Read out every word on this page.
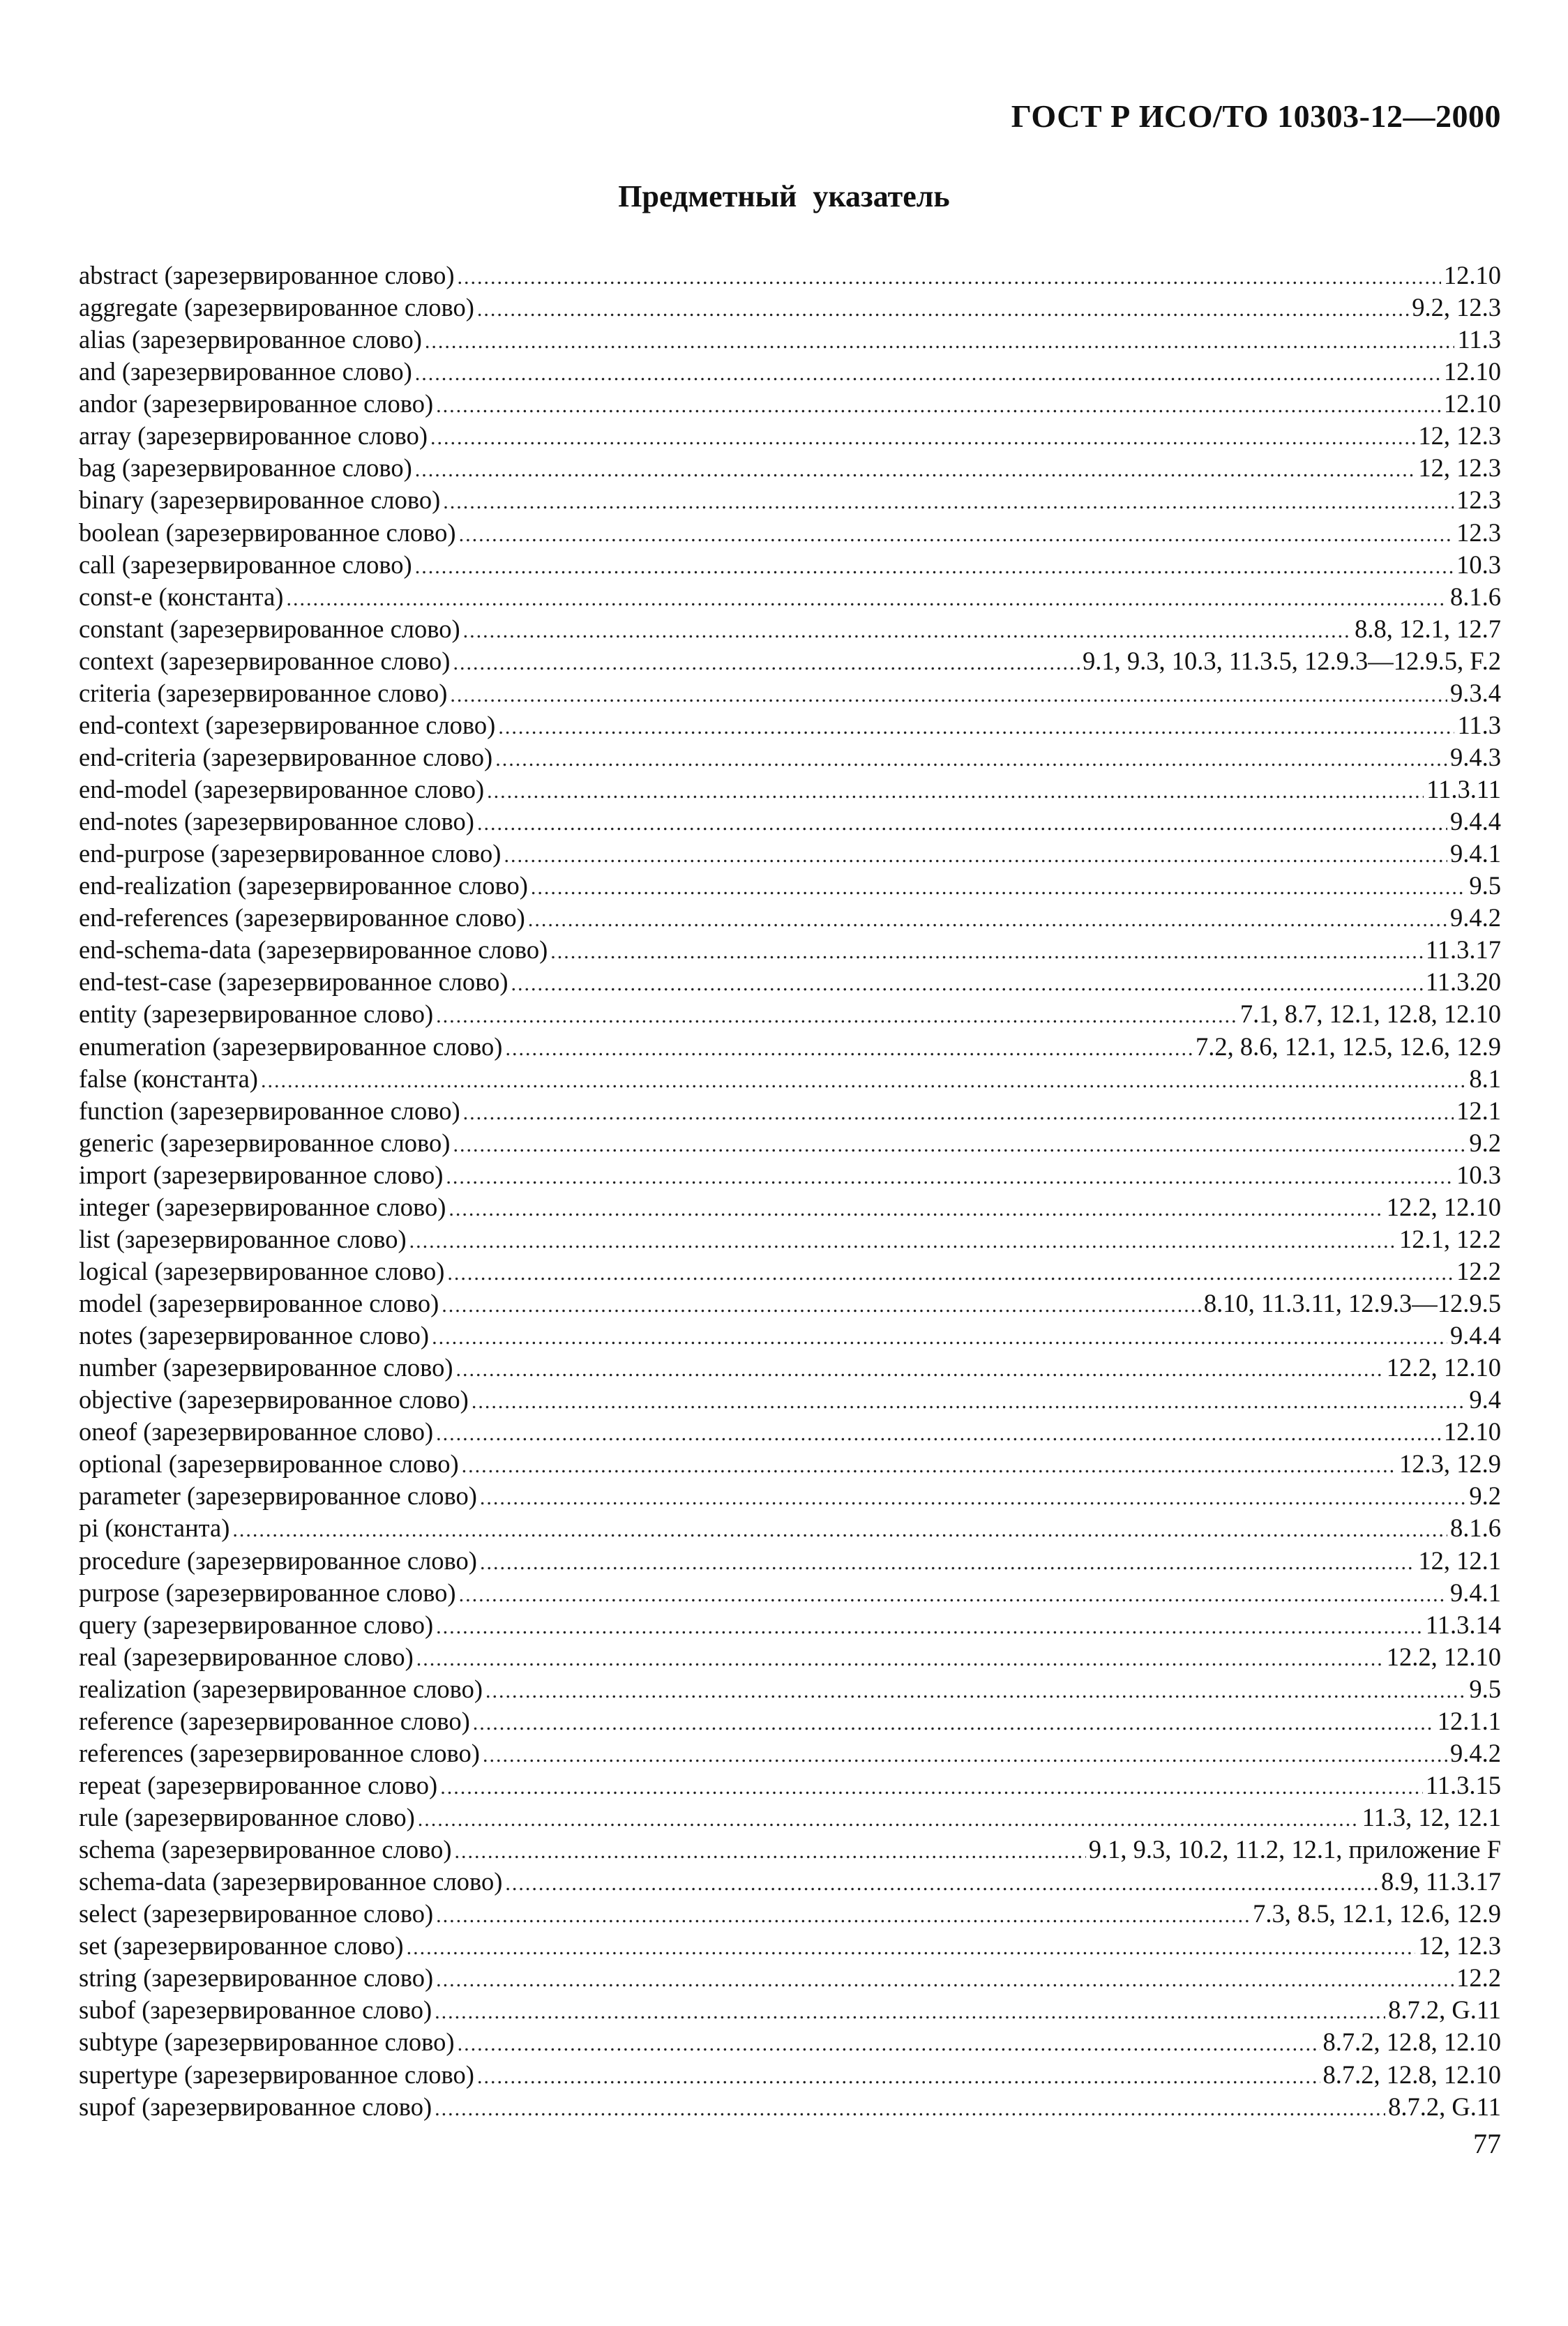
ГОСТ Р ИСО/ТО 10303-12—2000
Предметный указатель
abstract (зарезервированное слово) .....	12.10
aggregate (зарезервированное слово) .....	9.2, 12.3
alias (зарезервированное слово) .....	11.3
and (зарезервированное слово) .....	12.10
andor (зарезервированное слово) .....	12.10
array (зарезервированное слово) .....	12, 12.3
bag (зарезервированное слово) .....	12, 12.3
binary (зарезервированное слово) .....	12.3
boolean (зарезервированное слово) .....	12.3
call (зарезервированное слово) .....	10.3
const-e (константа) .....	8.1.6
constant (зарезервированное слово) .....	8.8, 12.1, 12.7
context (зарезервированное слово) .....	9.1, 9.3, 10.3, 11.3.5, 12.9.3—12.9.5, F.2
criteria (зарезервированное слово) .....	9.3.4
end-context (зарезервированное слово) .....	11.3
end-criteria (зарезервированное слово) .....	9.4.3
end-model (зарезервированное слово) .....	11.3.11
end-notes (зарезервированное слово) .....	9.4.4
end-purpose (зарезервированное слово) .....	9.4.1
end-realization (зарезервированное слово) .....	9.5
end-references (зарезервированное слово) .....	9.4.2
end-schema-data (зарезервированное слово) .....	11.3.17
end-test-case (зарезервированное слово) .....	11.3.20
entity (зарезервированное слово) .....	7.1, 8.7, 12.1, 12.8, 12.10
enumeration (зарезервированное слово) .....	7.2, 8.6, 12.1, 12.5, 12.6, 12.9
false (константа) .....	8.1
function (зарезервированное слово) .....	12.1
generic (зарезервированное слово) .....	9.2
import (зарезервированное слово) .....	10.3
integer (зарезервированное слово) .....	12.2, 12.10
list (зарезервированное слово) .....	12.1, 12.2
logical (зарезервированное слово) .....	12.2
model (зарезервированное слово) .....	8.10, 11.3.11, 12.9.3—12.9.5
notes (зарезервированное слово) .....	9.4.4
number (зарезервированное слово) .....	12.2, 12.10
objective (зарезервированное слово) .....	9.4
oneof (зарезервированное слово) .....	12.10
optional (зарезервированное слово) .....	12.3, 12.9
parameter (зарезервированное слово) .....	9.2
pi (константа) .....	8.1.6
procedure (зарезервированное слово) .....	12, 12.1
purpose (зарезервированное слово) .....	9.4.1
query (зарезервированное слово) .....	11.3.14
real (зарезервированное слово) .....	12.2, 12.10
realization (зарезервированное слово) .....	9.5
reference (зарезервированное слово) .....	12.1.1
references (зарезервированное слово) .....	9.4.2
repeat (зарезервированное слово) .....	11.3.15
rule (зарезервированное слово) .....	11.3, 12, 12.1
schema (зарезервированное слово) .....	9.1, 9.3, 10.2, 11.2, 12.1, приложение F
schema-data (зарезервированное слово) .....	8.9, 11.3.17
select (зарезервированное слово) .....	7.3, 8.5, 12.1, 12.6, 12.9
set (зарезервированное слово) .....	12, 12.3
string (зарезервированное слово) .....	12.2
subof (зарезервированное слово) .....	8.7.2, G.11
subtype (зарезервированное слово) .....	8.7.2, 12.8, 12.10
supertype (зарезервированное слово) .....	8.7.2, 12.8, 12.10
supof (зарезервированное слово) .....	8.7.2, G.11
77
